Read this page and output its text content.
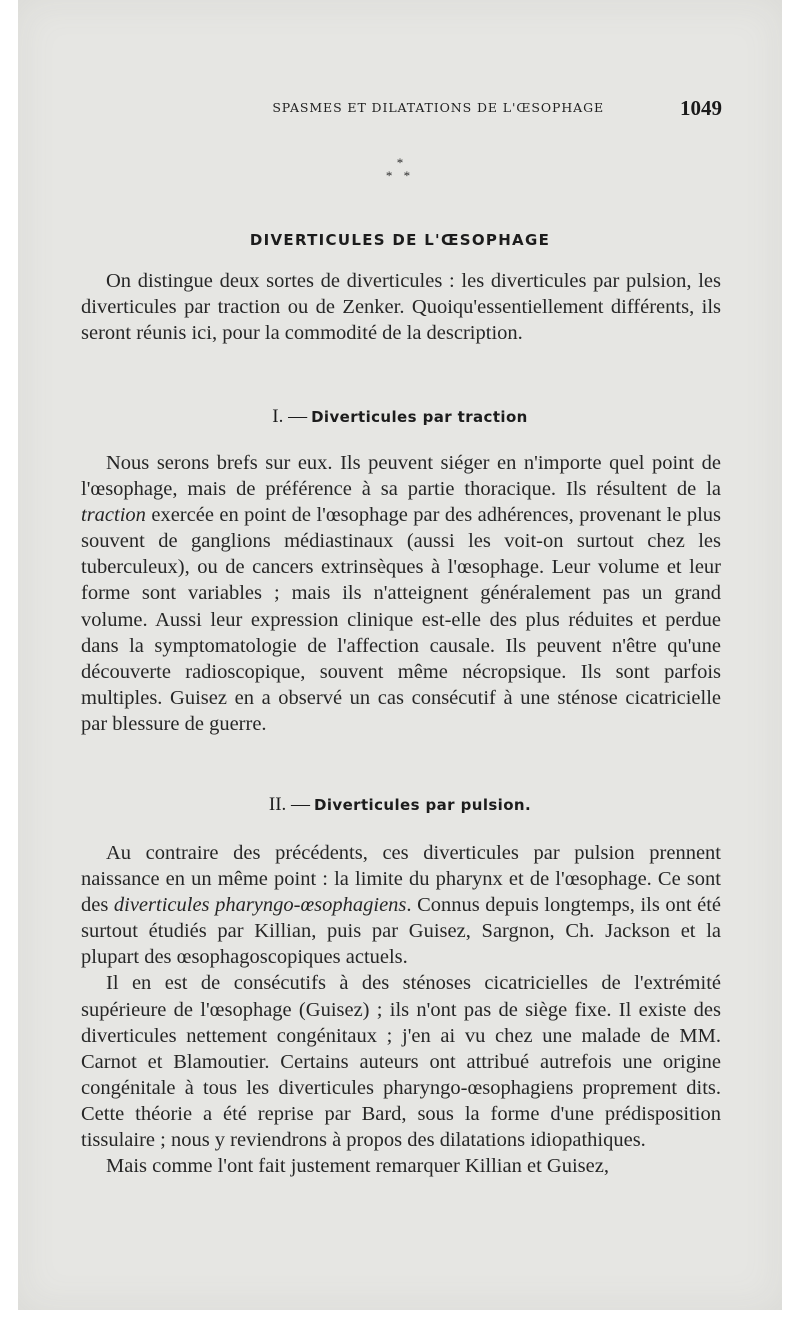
SPASMES ET DILATATIONS DE L'ŒSOPHAGE	1049
*
* *
DIVERTICULES DE L'ŒSOPHAGE

On distingue deux sortes de diverticules : les diverticules par pulsion, les diverticules par traction ou de Zenker. Quoiqu'essentiellement différents, ils seront réunis ici, pour la commodité de la description.

I. — Diverticules par traction

Nous serons brefs sur eux. Ils peuvent siéger en n'importe quel point de l'œsophage, mais de préférence à sa partie thoracique. Ils résultent de la traction exercée en point de l'œsophage par des adhérences, provenant le plus souvent de ganglions médiastinaux (aussi les voit-on surtout chez les tuberculeux), ou de cancers extrinsèques à l'œsophage. Leur volume et leur forme sont variables ; mais ils n'atteignent généralement pas un grand volume. Aussi leur expression clinique est-elle des plus réduites et perdue dans la symptomatologie de l'affection causale. Ils peuvent n'être qu'une découverte radioscopique, souvent même nécropsique. Ils sont parfois multiples. Guisez en a observé un cas consécutif à une sténose cicatricielle par blessure de guerre.

II. — Diverticules par pulsion.

Au contraire des précédents, ces diverticules par pulsion prennent naissance en un même point : la limite du pharynx et de l'œsophage. Ce sont des diverticules pharyngo-œsophagiens. Connus depuis longtemps, ils ont été surtout étudiés par Killian, puis par Guisez, Sargnon, Ch. Jackson et la plupart des œsophagoscopiques actuels.

Il en est de consécutifs à des sténoses cicatricielles de l'extrémité supérieure de l'œsophage (Guisez) ; ils n'ont pas de siège fixe. Il existe des diverticules nettement congénitaux ; j'en ai vu chez une malade de MM. Carnot et Blamoutier. Certains auteurs ont attribué autrefois une origine congénitale à tous les diverticules pharyngo-œsophagiens proprement dits. Cette théorie a été reprise par Bard, sous la forme d'une prédisposition tissulaire ; nous y reviendrons à propos des dilatations idiopathiques.

Mais comme l'ont fait justement remarquer Killian et Guisez,
